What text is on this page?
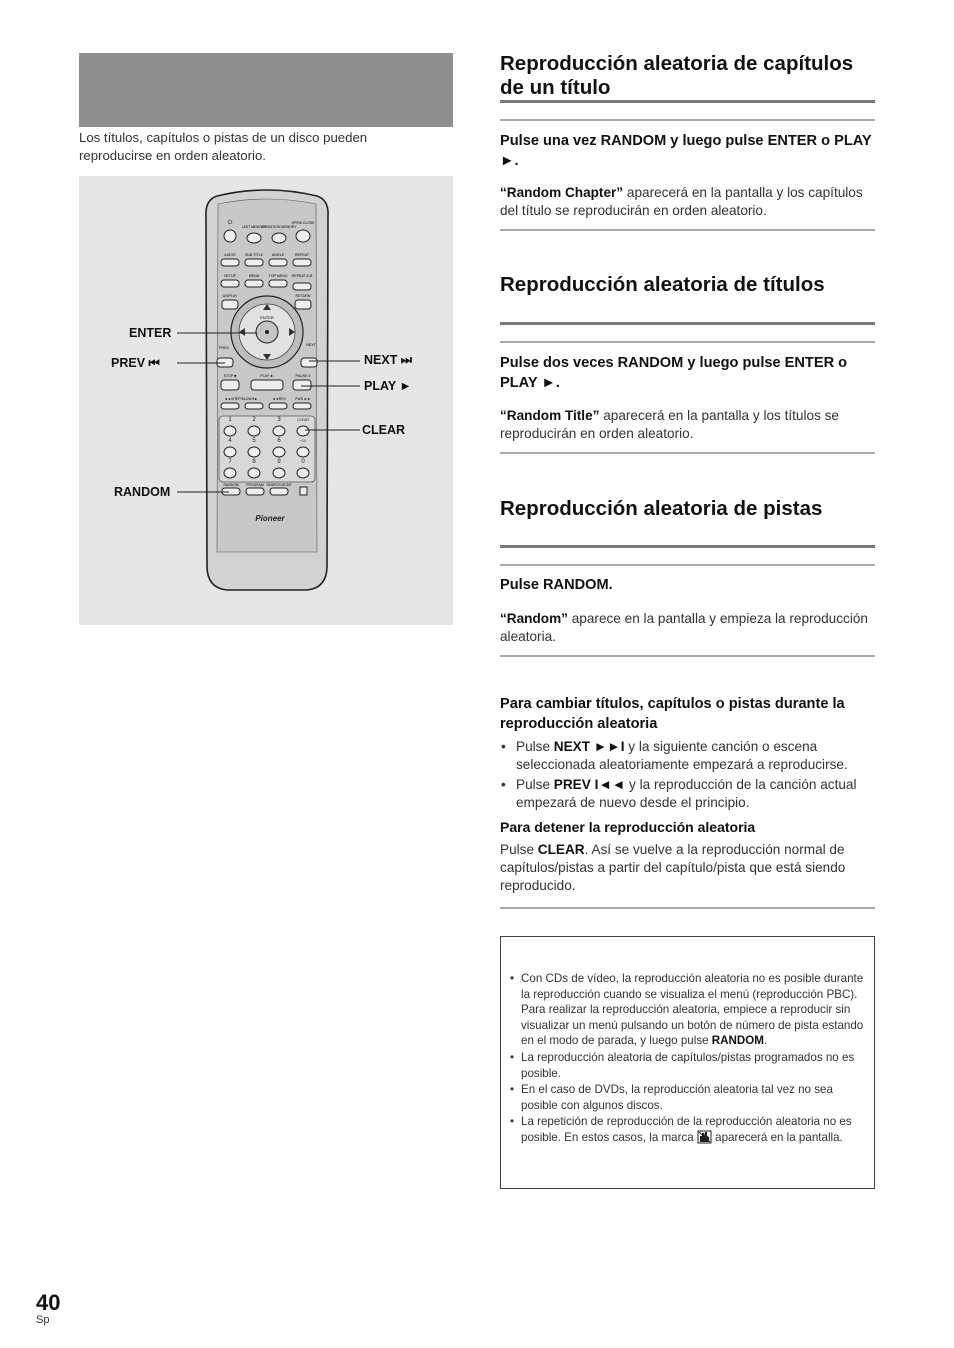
Los títulos, capítulos o pistas de un disco pueden reproducirse en orden aleatorio.
⏻
LAST MEMORY
CONDITION MEMORY
OPEN/ CLOSE
AUDIO	SUB TITLE ANGLE	REPEAT
SETUP	MENU	TOP MENU REPEAT A-B
DISPLAY	RETURN
ENTER
PREV
NEXT
STOP ■	PLAY ►	PAUSE II
◄◄/STEP/SLOW/II►	◄◄REV	FWD ►►
1	2	3	CLEAR
4	5	6	+10
7	8	9	0
RANDOM PROGRAM SEARCH MODE
Pioneer
ENTER
PREV ⏮	NEXT ⏭
PLAY ►
CLEAR
RANDOM
Reproducción aleatoria de capítulos de un título
Pulse una vez RANDOM y luego pulse ENTER o PLAY ►.
“Random Chapter” aparecerá en la pantalla y los capítulos del título se reproducirán en orden aleatorio.
Reproducción aleatoria de títulos
Pulse dos veces RANDOM y luego pulse ENTER o PLAY ►.
“Random Title” aparecerá en la pantalla y los títulos se reproducirán en orden aleatorio.
Reproducción aleatoria de pistas
Pulse RANDOM.
“Random” aparece en la pantalla y empieza la reproducción aleatoria.
Para cambiar títulos, capítulos o pistas durante la reproducción aleatoria
• Pulse NEXT ►►I y la siguiente canción o escena seleccionada aleatoriamente empezará a reproducirse.
• Pulse PREV I◄◄ y la reproducción de la canción actual empezará de nuevo desde el principio.
Para detener la reproducción aleatoria
Pulse CLEAR. Así se vuelve a la reproducción normal de capítulos/pistas a partir del capítulo/pista que está siendo reproducido.
• Con CDs de vídeo, la reproducción aleatoria no es posible durante la reproducción cuando se visualiza el menú (reproducción PBC). Para realizar la reproducción aleatoria, empiece a reproducir sin visualizar un menú pulsando un botón de número de pista estando en el modo de parada, y luego pulse RANDOM.
• La reproducción aleatoria de capítulos/pistas programados no es posible.
• En el caso de DVDs, la reproducción aleatoria tal vez no sea posible con algunos discos.
• La repetición de reproducción de la reproducción aleatoria no es posible. En estos casos, la marca  aparecerá en la pantalla.
40
Sp
